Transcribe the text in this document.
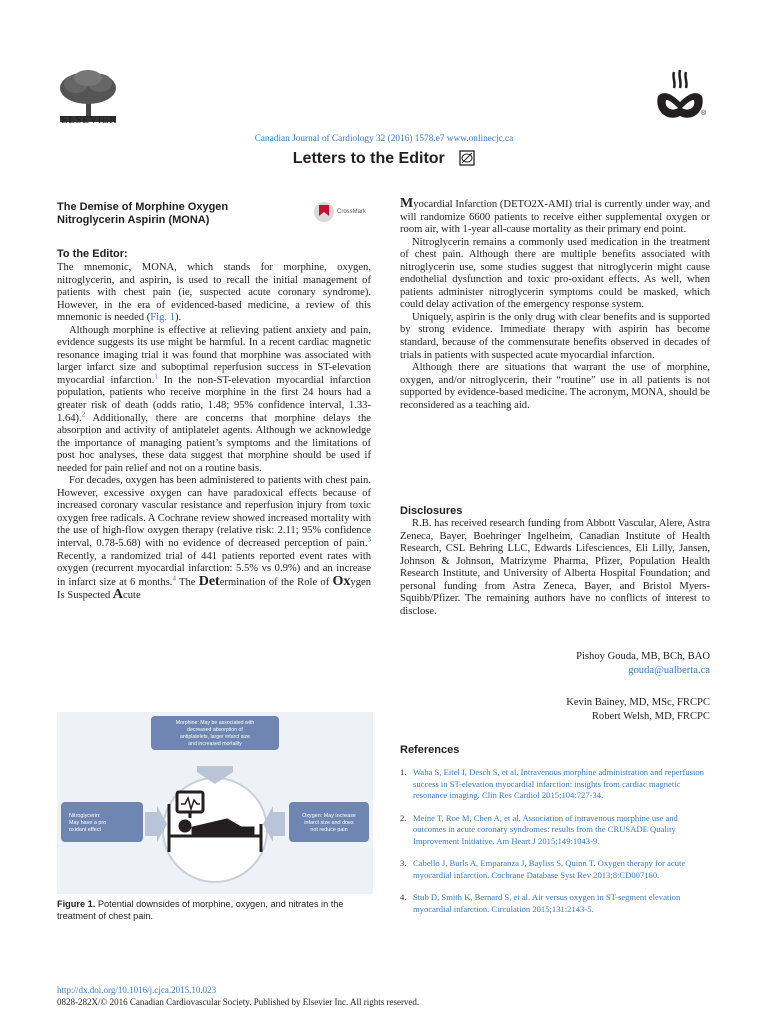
ELSEVIER
®
Canadian Journal of Cardiology 32 (2016) 1578.e7 www.onlinecjc.ca
Letters to the Editor
The Demise of Morphine Oxygen
Nitroglycerin Aspirin (MONA)
CrossMark
To the Editor:

The mnemonic, MONA, which stands for morphine, oxygen, nitroglycerin, and aspirin, is used to recall the initial management of patients with chest pain (ie, suspected acute coronary syndrome). However, in the era of evidenced-based medicine, a review of this mnemonic is needed (Fig. 1).

Although morphine is effective at relieving patient anxiety and pain, evidence suggests its use might be harmful. In a recent cardiac magnetic resonance imaging trial it was found that morphine was associated with larger infarct size and suboptimal reperfusion success in ST-elevation myocardial infarction.$^1$ In the non-ST-elevation myocardial infarction population, patients who receive morphine in the first 24 hours had a greater risk of death (odds ratio, 1.48; 95% confidence interval, 1.33-1.64).$^2$ Additionally, there are concerns that morphine delays the absorption and activity of antiplatelet agents. Although we acknowledge the importance of managing patient’s symptoms and the limitations of post hoc analyses, these data suggest that morphine should be used if needed for pain relief and not on a routine basis.

For decades, oxygen has been administered to patients with chest pain. However, excessive oxygen can have paradoxical effects because of increased coronary vascular resistance and reperfusion injury from toxic oxygen free radicals. A Cochrane review showed increased mortality with the use of high-flow oxygen therapy (relative risk: 2.11; 95% confidence interval, 0.78-5.68) with no evidence of decreased perception of pain.$^3$ Recently, a randomized trial of 441 patients reported event rates with oxygen (recurrent myocardial infarction: 5.5% vs 0.9%) and an increase in infarct size at 6 months.$^4$ The Determination of the Role of Oxygen Is Suspected Acute

Myocardial Infarction (DETO2X-AMI) trial is currently under way, and will randomize 6600 patients to receive either supplemental oxygen or room air, with 1-year all-cause mortality as their primary end point.

Nitroglycerin remains a commonly used medication in the treatment of chest pain. Although there are multiple benefits associated with nitroglycerin use, some studies suggest that nitroglycerin might cause endothelial dysfunction and toxic pro-oxidant effects. As well, when patients administer nitroglycerin symptoms could be masked, which could delay activation of the emergency response system.

Uniquely, aspirin is the only drug with clear benefits and is supported by strong evidence. Immediate therapy with aspirin has become standard, because of the commensurate benefits observed in decades of trials in patients with suspected acute myocardial infarction.

Although there are situations that warrant the use of morphine, oxygen, and/or nitroglycerin, their “routine” use in all patients is not supported by evidence-based medicine. The acronym, MONA, should be reconsidered as a teaching aid.

Disclosures

R.B. has received research funding from Abbott Vascular, Alere, Astra Zeneca, Bayer, Boehringer Ingelheim, Canadian Institute of Health Research, CSL Behring LLC, Edwards Lifesciences, Eli Lilly, Jansen, Johnson & Johnson, Matrizyme Pharma, Pfizer, Population Health Research Institute, and University of Alberta Hospital Foundation; and personal funding from Astra Zeneca, Bayer, and Bristol Myers-Squibb/Pfizer. The remaining authors have no conflicts of interest to disclose.

Pishoy Gouda, MB, BCh, BAO
gouda@ualberta.ca
Kevin Bainey, MD, MSc, FRCPC
Robert Welsh, MD, FRCPC
References
1. Waha S, Eitel I, Desch S, et al. Intravenous morphine administration and reperfusion success in ST-elevation myocardial infarction: insights from cardiac magnetic resonance imaging. Clin Res Cardiol 2015;104:727-34.
2. Meine T, Roe M, Chen A, et al. Association of intravenous morphine use and outcomes in acute coronary syndromes: results from the CRUSADE Quality Improvement Initiative. Am Heart J 2015;149:1043-9.
3. Cabello J, Burls A, Emparanza J, Bayliss S, Quinn T. Oxygen therapy for acute myocardial infarction. Cochrane Database Syst Rev 2013;8:CD007160.
4. Stub D, Smith K, Bernard S, et al. Air versus oxygen in ST-segment elevation myocardial infarction. Circulation 2015;131:2143-5.
Morphine: May be associated with
decreased absorption of
antiplatelets, larger infarct size
and increased mortality
Nitroglycerin:
May have a pro
oxidant effect
Oxygen: May increase
infarct size and does
not reduce pain
Figure 1. Potential downsides of morphine, oxygen, and nitrates in the treatment of chest pain.
http://dx.doi.org/10.1016/j.cjca.2015.10.023
0828-282X/© 2016 Canadian Cardiovascular Society. Published by Elsevier Inc. All rights reserved.
